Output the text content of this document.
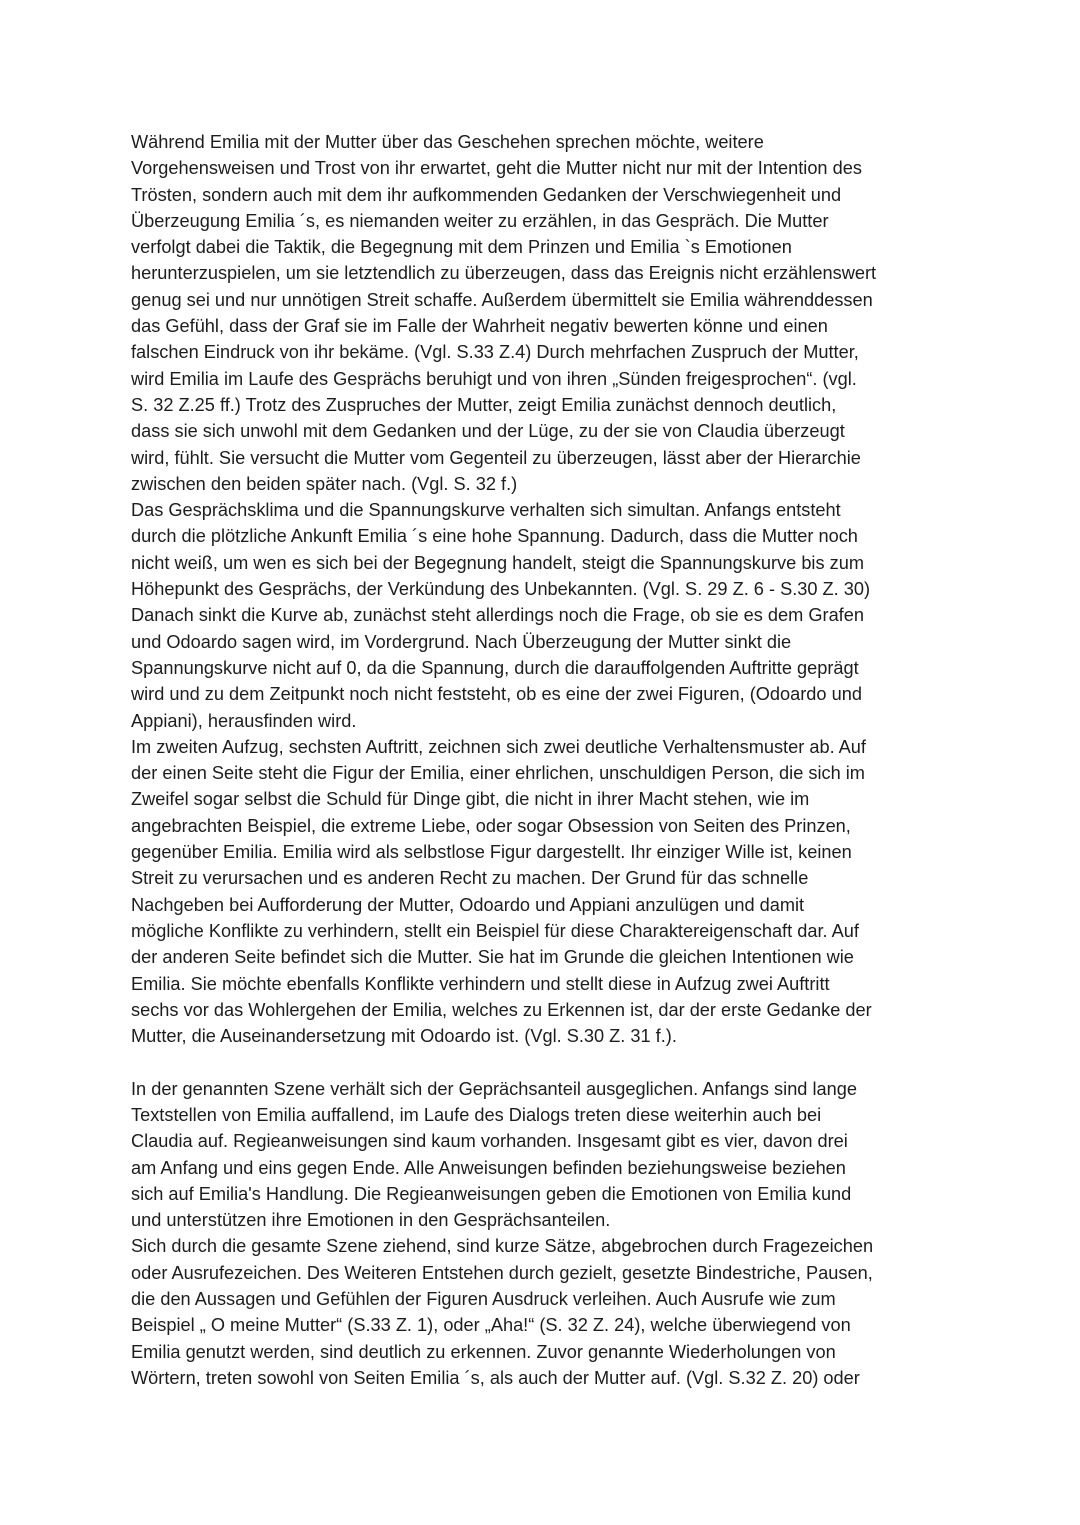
Während Emilia mit der Mutter über das Geschehen sprechen möchte, weitere
Vorgehensweisen und Trost von ihr erwartet, geht die Mutter nicht nur mit der Intention des
Trösten, sondern auch mit dem ihr aufkommenden Gedanken der Verschwiegenheit und
Überzeugung Emilia ´s, es niemanden weiter zu erzählen, in das Gespräch. Die Mutter
verfolgt dabei die Taktik, die Begegnung mit dem Prinzen und Emilia `s Emotionen
herunterzuspielen, um sie letztendlich zu überzeugen, dass das Ereignis nicht erzählenswert
genug sei und nur unnötigen Streit schaffe. Außerdem übermittelt sie Emilia währenddessen
das Gefühl, dass der Graf sie im Falle der Wahrheit negativ bewerten könne und einen
falschen Eindruck von ihr bekäme. (Vgl. S.33 Z.4) Durch mehrfachen Zuspruch der Mutter,
wird Emilia im Laufe des Gesprächs beruhigt und von ihren „Sünden freigesprochen“. (vgl.
S. 32 Z.25 ff.) Trotz des Zuspruches der Mutter, zeigt Emilia zunächst dennoch deutlich,
dass sie sich unwohl mit dem Gedanken und der Lüge, zu der sie von Claudia überzeugt
wird, fühlt. Sie versucht die Mutter vom Gegenteil zu überzeugen, lässt aber der Hierarchie
zwischen den beiden später nach. (Vgl. S. 32 f.)
Das Gesprächsklima und die Spannungskurve verhalten sich simultan. Anfangs entsteht
durch die plötzliche Ankunft Emilia ´s eine hohe Spannung. Dadurch, dass die Mutter noch
nicht weiß, um wen es sich bei der Begegnung handelt, steigt die Spannungskurve bis zum
Höhepunkt des Gesprächs, der Verkündung des Unbekannten. (Vgl. S. 29 Z. 6 - S.30 Z. 30)
Danach sinkt die Kurve ab, zunächst steht allerdings noch die Frage, ob sie es dem Grafen
und Odoardo sagen wird, im Vordergrund. Nach Überzeugung der Mutter sinkt die
Spannungskurve nicht auf 0, da die Spannung, durch die darauffolgenden Auftritte geprägt
wird und zu dem Zeitpunkt noch nicht feststeht, ob es eine der zwei Figuren, (Odoardo und
Appiani), herausfinden wird.
Im zweiten Aufzug, sechsten Auftritt, zeichnen sich zwei deutliche Verhaltensmuster ab. Auf
der einen Seite steht die Figur der Emilia, einer ehrlichen, unschuldigen Person, die sich im
Zweifel sogar selbst die Schuld für Dinge gibt, die nicht in ihrer Macht stehen, wie im
angebrachten Beispiel, die extreme Liebe, oder sogar Obsession von Seiten des Prinzen,
gegenüber Emilia. Emilia wird als selbstlose Figur dargestellt. Ihr einziger Wille ist, keinen
Streit zu verursachen und es anderen Recht zu machen. Der Grund für das schnelle
Nachgeben bei Aufforderung der Mutter, Odoardo und Appiani anzulügen und damit
mögliche Konflikte zu verhindern, stellt ein Beispiel für diese Charaktereigenschaft dar. Auf
der anderen Seite befindet sich die Mutter. Sie hat im Grunde die gleichen Intentionen wie
Emilia. Sie möchte ebenfalls Konflikte verhindern und stellt diese in Aufzug zwei Auftritt
sechs vor das Wohlergehen der Emilia, welches zu Erkennen ist, dar der erste Gedanke der
Mutter, die Auseinandersetzung mit Odoardo ist. (Vgl. S.30 Z. 31 f.).
In der genannten Szene verhält sich der Geprächsanteil ausgeglichen. Anfangs sind lange
Textstellen von Emilia auffallend, im Laufe des Dialogs treten diese weiterhin auch bei
Claudia auf. Regieanweisungen sind kaum vorhanden. Insgesamt gibt es vier, davon drei
am Anfang und eins gegen Ende. Alle Anweisungen befinden beziehungsweise beziehen
sich auf Emilia's Handlung. Die Regieanweisungen geben die Emotionen von Emilia kund
und unterstützen ihre Emotionen in den Gesprächsanteilen.
Sich durch die gesamte Szene ziehend, sind kurze Sätze, abgebrochen durch Fragezeichen
oder Ausrufezeichen. Des Weiteren Entstehen durch gezielt, gesetzte Bindestriche, Pausen,
die den Aussagen und Gefühlen der Figuren Ausdruck verleihen. Auch Ausrufe wie zum
Beispiel „ O meine Mutter“ (S.33 Z. 1), oder „Aha!“ (S. 32 Z. 24), welche überwiegend von
Emilia genutzt werden, sind deutlich zu erkennen. Zuvor genannte Wiederholungen von
Wörtern, treten sowohl von Seiten Emilia ´s, als auch der Mutter auf. (Vgl. S.32 Z. 20) oder
